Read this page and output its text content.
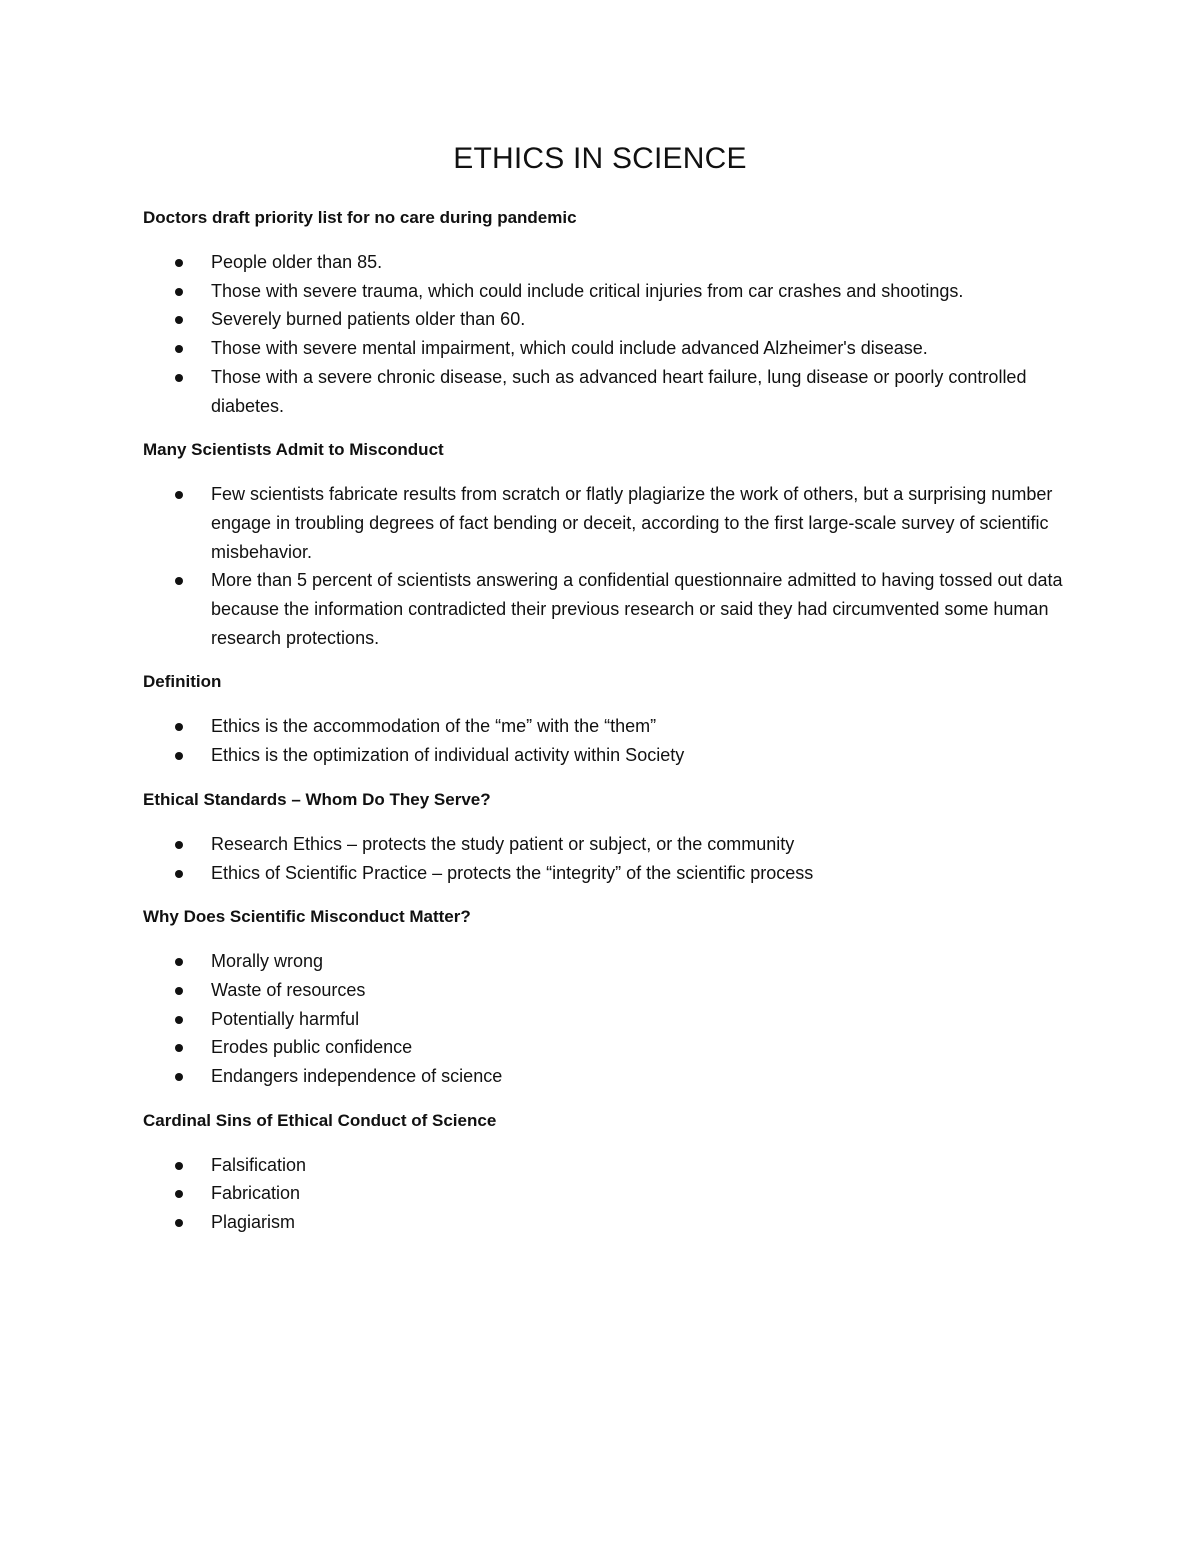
ETHICS IN SCIENCE
Doctors draft priority list for no care during pandemic
People older than 85.
Those with severe trauma, which could include critical injuries from car crashes and shootings.
Severely burned patients older than 60.
Those with severe mental impairment, which could include advanced Alzheimer's disease.
Those with a severe chronic disease, such as advanced heart failure, lung disease or poorly controlled diabetes.
Many Scientists Admit to Misconduct
Few scientists fabricate results from scratch or flatly plagiarize the work of others, but a surprising number engage in troubling degrees of fact bending or deceit, according to the first large-scale survey of scientific misbehavior.
More than 5 percent of scientists answering a confidential questionnaire admitted to having tossed out data because the information contradicted their previous research or said they had circumvented some human research protections.
Definition
Ethics is the accommodation of the “me” with the “them”
Ethics is the optimization of individual activity within Society
Ethical Standards – Whom Do They Serve?
Research Ethics – protects the study patient or subject, or the community
Ethics of Scientific Practice – protects the “integrity” of the scientific process
Why Does Scientific Misconduct Matter?
Morally wrong
Waste of resources
Potentially harmful
Erodes public confidence
Endangers independence of science
Cardinal Sins of Ethical Conduct of Science
Falsification
Fabrication
Plagiarism
